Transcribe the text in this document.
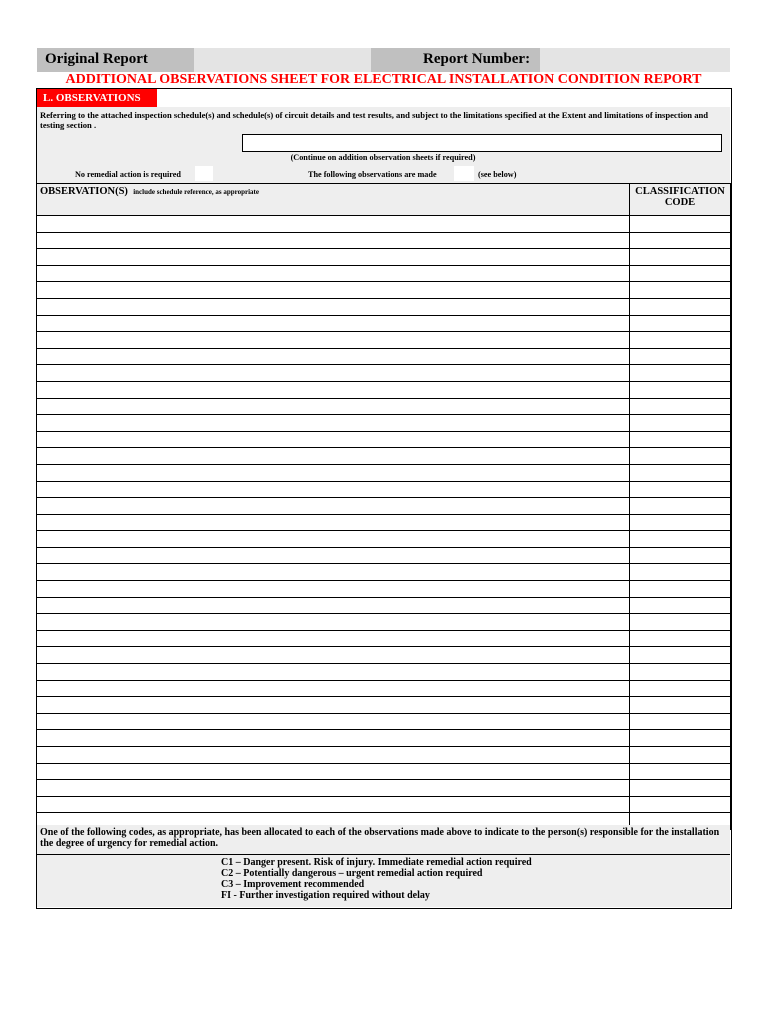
Original Report	Report Number:
ADDITIONAL OBSERVATIONS SHEET FOR ELECTRICAL INSTALLATION CONDITION REPORT
L. OBSERVATIONS
Referring to the attached inspection schedule(s) and schedule(s) of circuit details and test results, and subject to the limitations specified at the Extent and limitations of inspection and testing section .
(Continue on addition observation sheets if required)
No remedial action is required	The following observations are made	(see below)
OBSERVATION(S) include schedule reference, as appropriate	CLASSIFICATION CODE

One of the following codes, as appropriate, has been allocated to each of the observations made above to indicate to the person(s) responsible for the installation the degree of urgency for remedial action.
C1 – Danger present. Risk of injury. Immediate remedial action required
C2 – Potentially dangerous – urgent remedial action required
C3 – Improvement recommended
FI - Further investigation required without delay
